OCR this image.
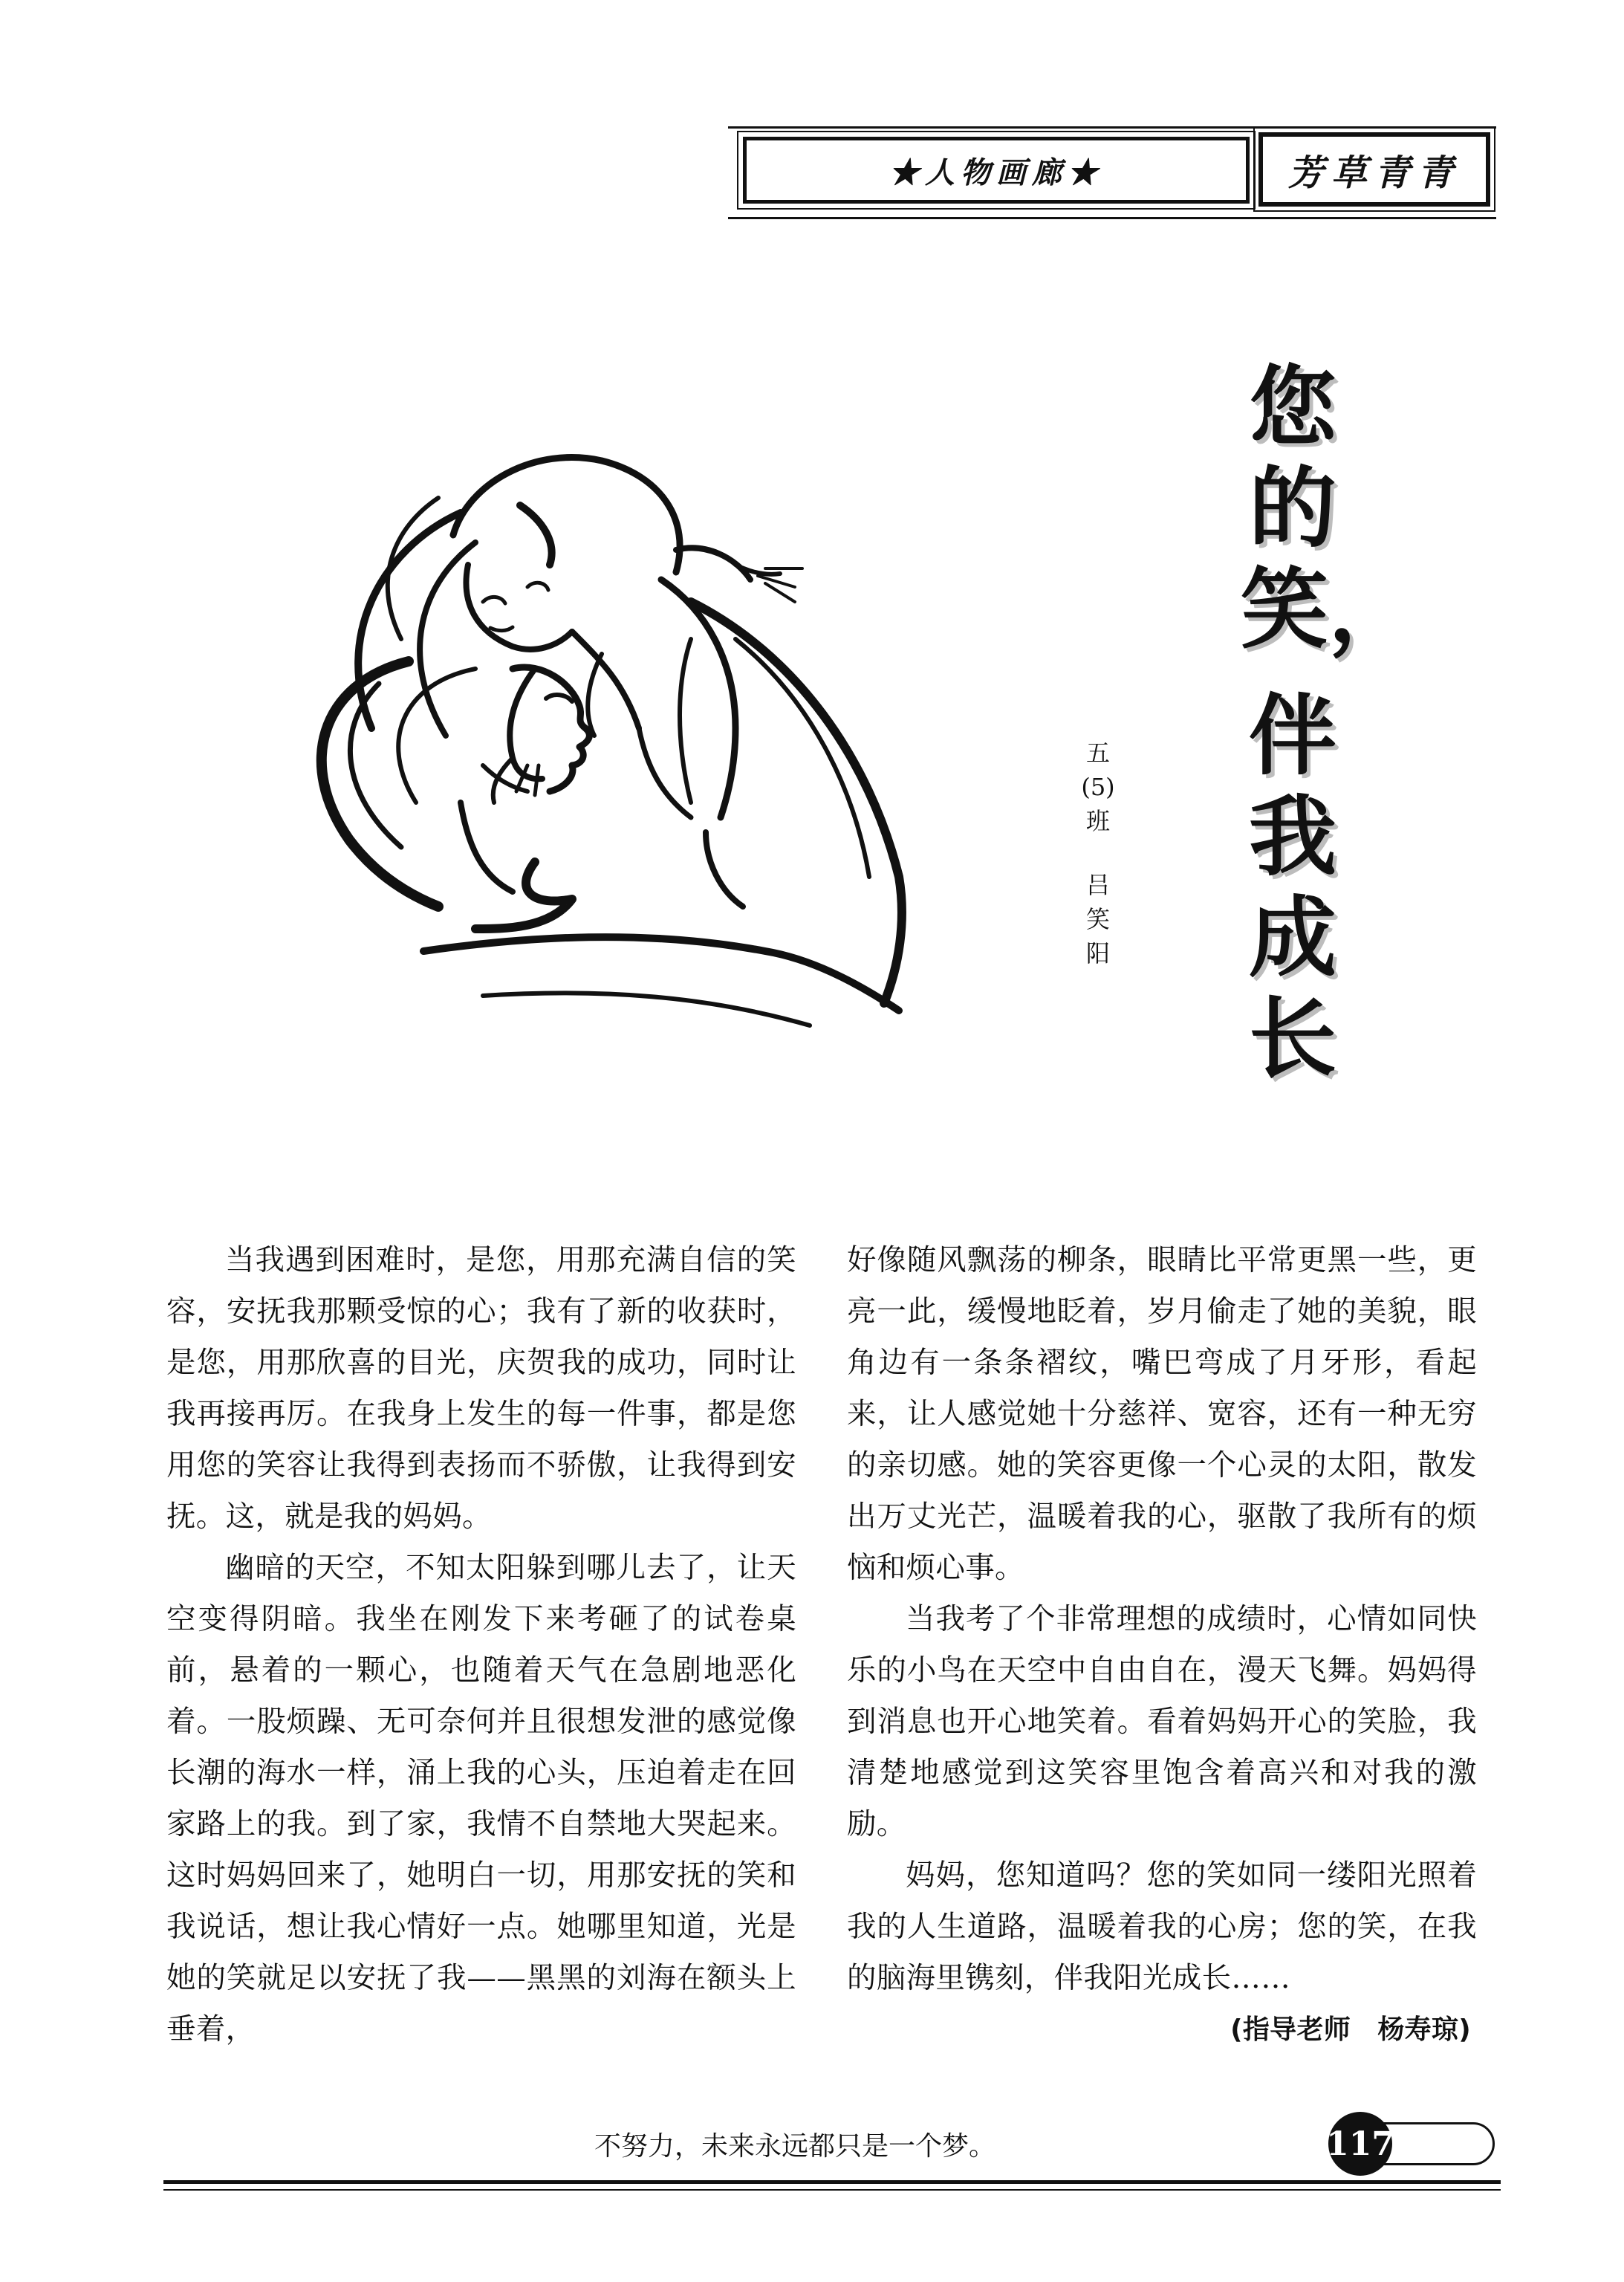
★人物画廊★	芳草青青
您的笑，
伴我成长
五(5)班
吕笑阳

当我遇到困难时，是您，用那充满自信的笑容，安抚我那颗受惊的心；我有了新的收获时，是您，用那欣喜的目光，庆贺我的成功，同时让我再接再厉。在我身上发生的每一件事，都是您用您的笑容让我得到表扬而不骄傲，让我得到安抚。这，就是我的妈妈。

幽暗的天空，不知太阳躲到哪儿去了，让天空变得阴暗。我坐在刚发下来考砸了的试卷桌前，悬着的一颗心，也随着天气在急剧地恶化着。一股烦躁、无可奈何并且很想发泄的感觉像长潮的海水一样，涌上我的心头，压迫着走在回家路上的我。到了家，我情不自禁地大哭起来。这时妈妈回来了，她明白一切，用那安抚的笑和我说话，想让我心情好一点。她哪里知道，光是她的笑就足以安抚了我——黑黑的刘海在额头上垂着，

好像随风飘荡的柳条，眼睛比平常更黑一些，更亮一此，缓慢地眨着，岁月偷走了她的美貌，眼角边有一条条褶纹，嘴巴弯成了月牙形，看起来，让人感觉她十分慈祥、宽容，还有一种无穷的亲切感。她的笑容更像一个心灵的太阳，散发出万丈光芒，温暖着我的心，驱散了我所有的烦恼和烦心事。

当我考了个非常理想的成绩时，心情如同快乐的小鸟在天空中自由自在，漫天飞舞。妈妈得到消息也开心地笑着。看着妈妈开心的笑脸，我清楚地感觉到这笑容里饱含着高兴和对我的激励。

妈妈，您知道吗？您的笑如同一缕阳光照着我的人生道路，温暖着我的心房；您的笑，在我的脑海里镌刻，伴我阳光成长……

(指导老师　杨寿琼)
不努力，未来永远都只是一个梦。	117
